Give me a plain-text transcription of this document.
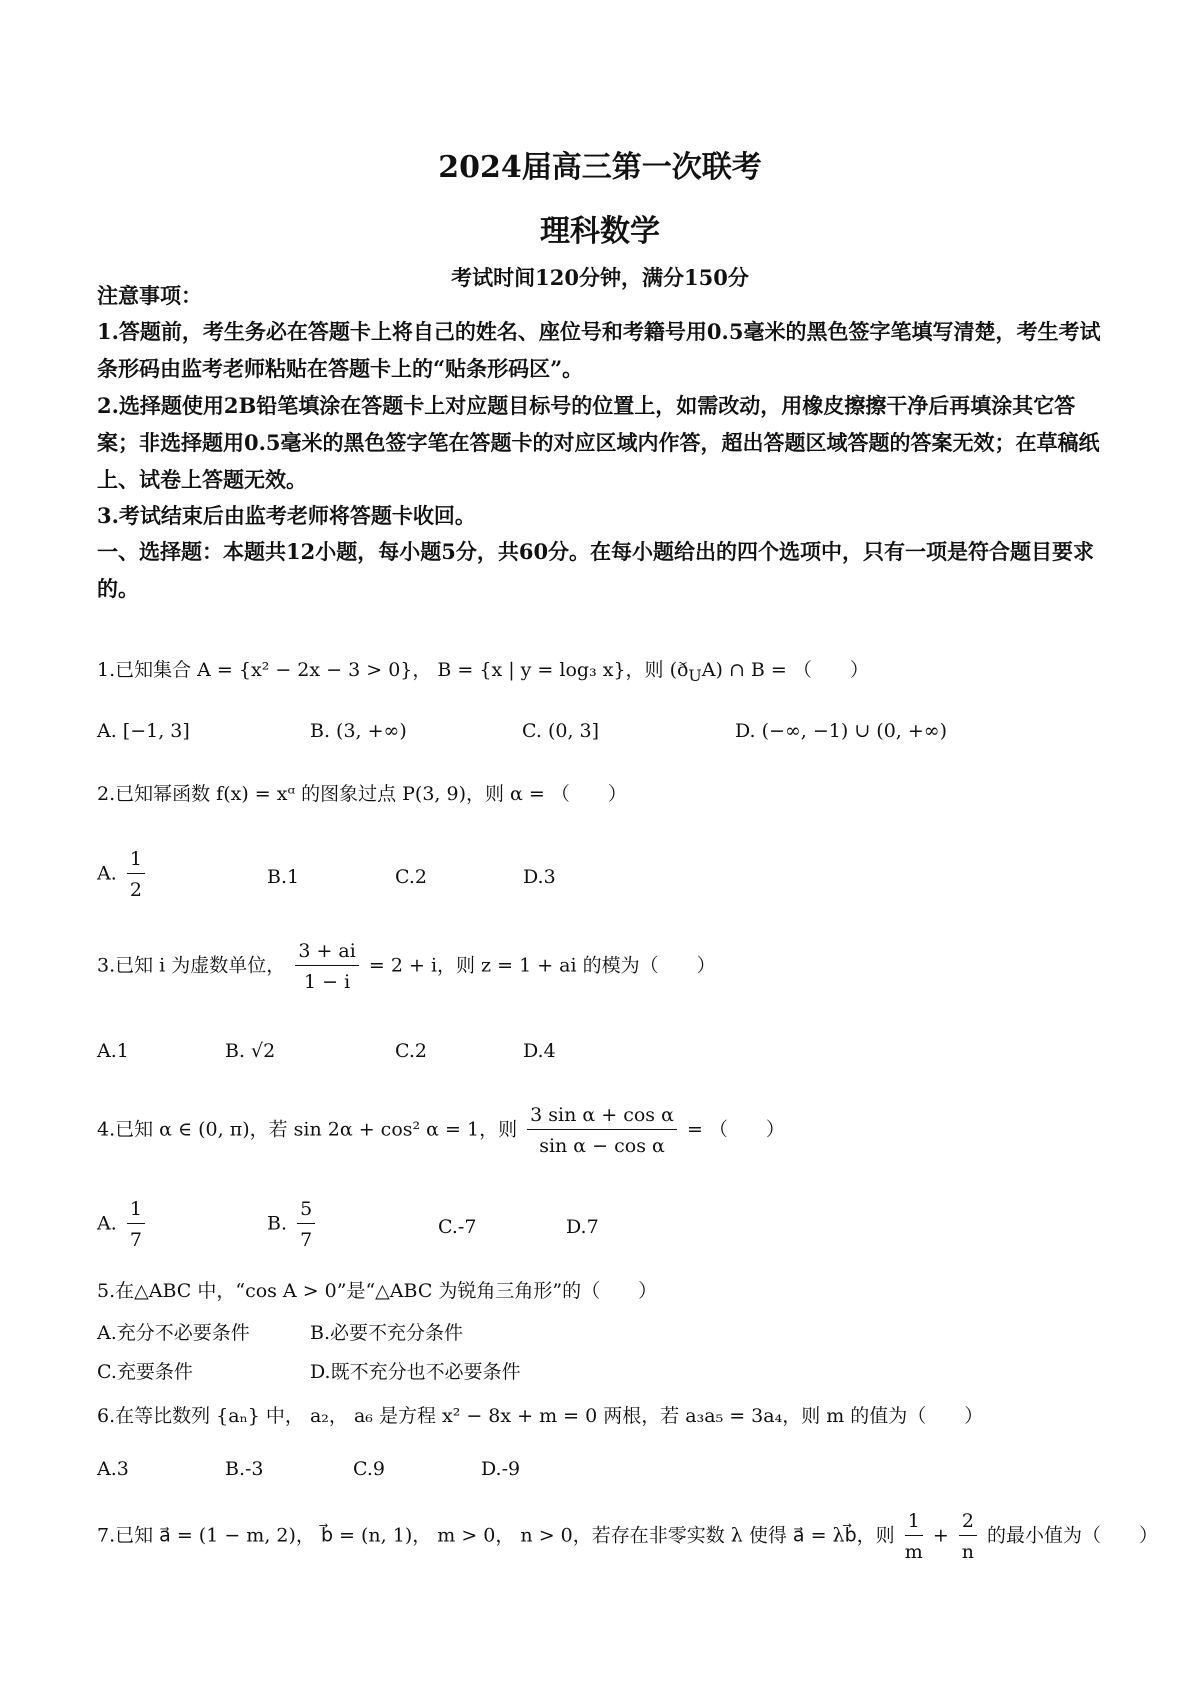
2024届高三第一次联考
理科数学
考试时间120分钟，满分150分
注意事项：
1.答题前，考生务必在答题卡上将自己的姓名、座位号和考籍号用0.5毫米的黑色签字笔填写清楚，考生考试条形码由监考老师粘贴在答题卡上的“贴条形码区”。
2.选择题使用2B铅笔填涂在答题卡上对应题目标号的位置上，如需改动，用橡皮擦擦干净后再填涂其它答案；非选择题用0.5毫米的黑色签字笔在答题卡的对应区域内作答，超出答题区域答题的答案无效；在草稿纸上、试卷上答题无效。
3.考试结束后由监考老师将答题卡收回。
一、选择题：本题共12小题，每小题5分，共60分。在每小题给出的四个选项中，只有一项是符合题目要求的。
1.已知集合 A = {x² − 2x − 3 > 0}， B = {x | y = log₃ x}，则 $(ð_UA)$ ∩ B = （　　）
A. [−1, 3]	B. (3, +∞)	C. (0, 3]	D. (−∞, −1) ∪ (0, +∞)
2.已知幂函数 f(x) = xᵅ 的图象过点 P(3, 9)，则 α = （　　）
A. $\frac{1}{2}$	B.1	C.2	D.3
3.已知 i 为虚数单位， $\frac{3 + ai}{1 - i} = 2 + i$，则 z = 1 + ai 的模为（　　）
A.1	B. √2	C.2	D.4
4.已知 α ∈ (0, π)，若 sin 2α + cos² α = 1，则 $\frac{\text{3 sin α + cos α}}{\text{sin α − cos α}}$ = （　　）
A. $\frac{1}{7}$	B. $\frac{5}{7}$	C.-7	D.7
5.在△ABC 中，“cos A > 0”是“△ABC 为锐角三角形”的（　　）
A.充分不必要条件	B.必要不充分条件
C.充要条件	D.既不充分也不必要条件
6.在等比数列 {aₙ} 中， a₂， a₆ 是方程 x² − 8x + m = 0 两根，若 a₃a₅ = 3a₄，则 m 的值为（　　）
A.3	B.-3	C.9	D.-9
7.已知 a⃗ = (1 − m, 2)， b⃗ = (n, 1)， m > 0， n > 0，若存在非零实数 λ 使得 a⃗ = λb⃗，则 $\frac{1}{m} + \frac{2}{n}$ 的最小值为（　　）
